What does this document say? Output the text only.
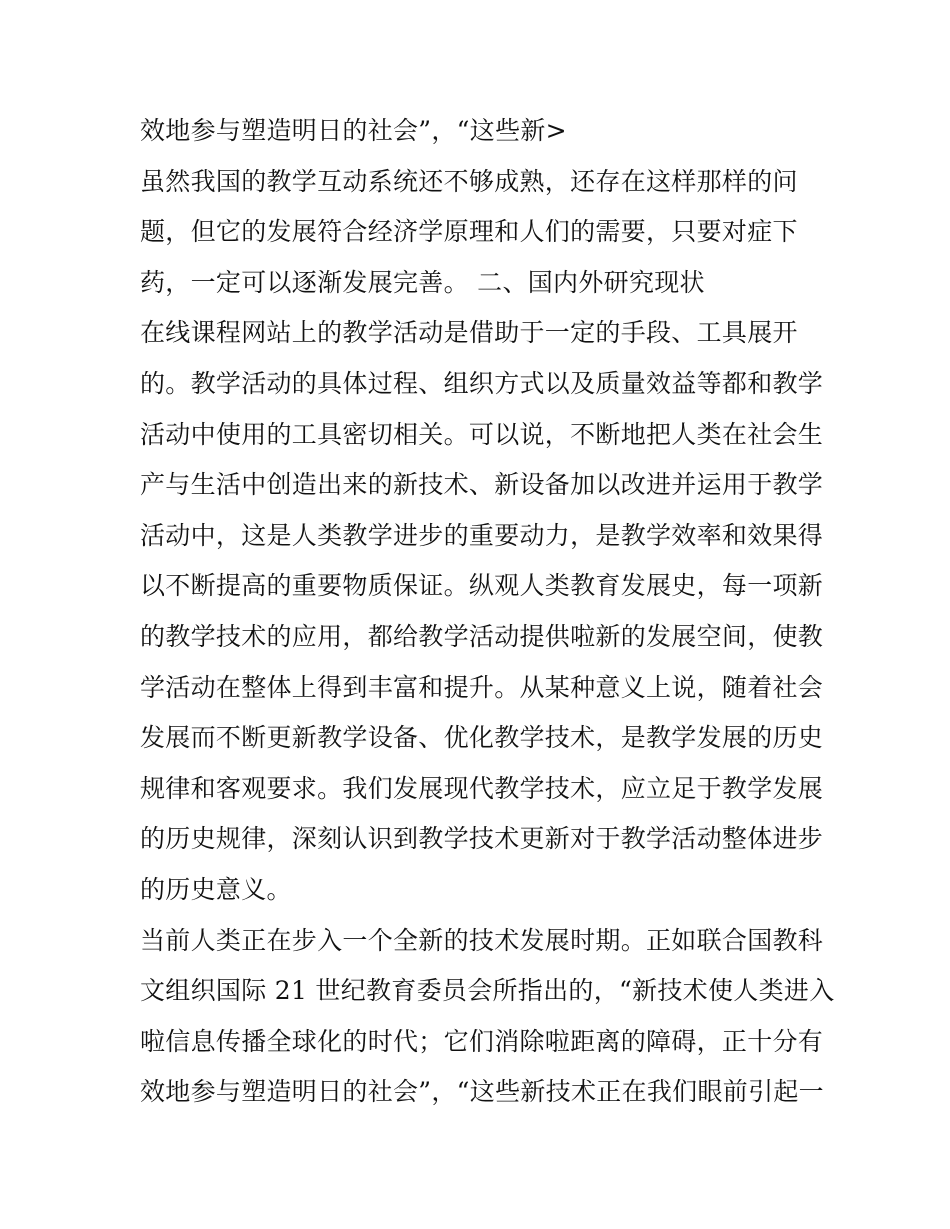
效地参与塑造明日的社会”，“这些新>
虽然我国的教学互动系统还不够成熟，还存在这样那样的问
题，但它的发展符合经济学原理和人们的需要，只要对症下
药，一定可以逐渐发展完善。 二、国内外研究现状
在线课程网站上的教学活动是借助于一定的手段、工具展开
的。教学活动的具体过程、组织方式以及质量效益等都和教学
活动中使用的工具密切相关。可以说，不断地把人类在社会生
产与生活中创造出来的新技术、新设备加以改进并运用于教学
活动中，这是人类教学进步的重要动力，是教学效率和效果得
以不断提高的重要物质保证。纵观人类教育发展史，每一项新
的教学技术的应用，都给教学活动提供啦新的发展空间，使教
学活动在整体上得到丰富和提升。从某种意义上说，随着社会
发展而不断更新教学设备、优化教学技术，是教学发展的历史
规律和客观要求。我们发展现代教学技术，应立足于教学发展
的历史规律，深刻认识到教学技术更新对于教学活动整体进步
的历史意义。
当前人类正在步入一个全新的技术发展时期。正如联合国教科
文组织国际 21 世纪教育委员会所指出的，“新技术使人类进入
啦信息传播全球化的时代；它们消除啦距离的障碍，正十分有
效地参与塑造明日的社会”，“这些新技术正在我们眼前引起一
